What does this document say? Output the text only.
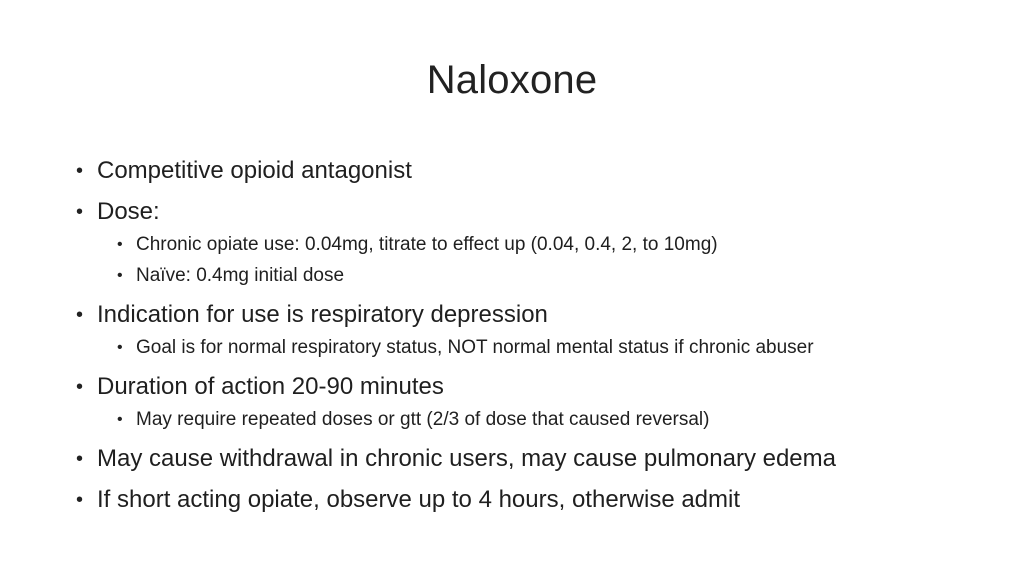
Naloxone
• Competitive opioid antagonist
• Dose:
• Chronic opiate use: 0.04mg, titrate to effect up (0.04, 0.4, 2, to 10mg)
• Naïve: 0.4mg initial dose
• Indication for use is respiratory depression
• Goal is for normal respiratory status, NOT normal mental status if chronic abuser
• Duration of action 20-90 minutes
• May require repeated doses or gtt (2/3 of dose that caused reversal)
• May cause withdrawal in chronic users, may cause pulmonary edema
• If short acting opiate, observe up to 4 hours, otherwise admit
